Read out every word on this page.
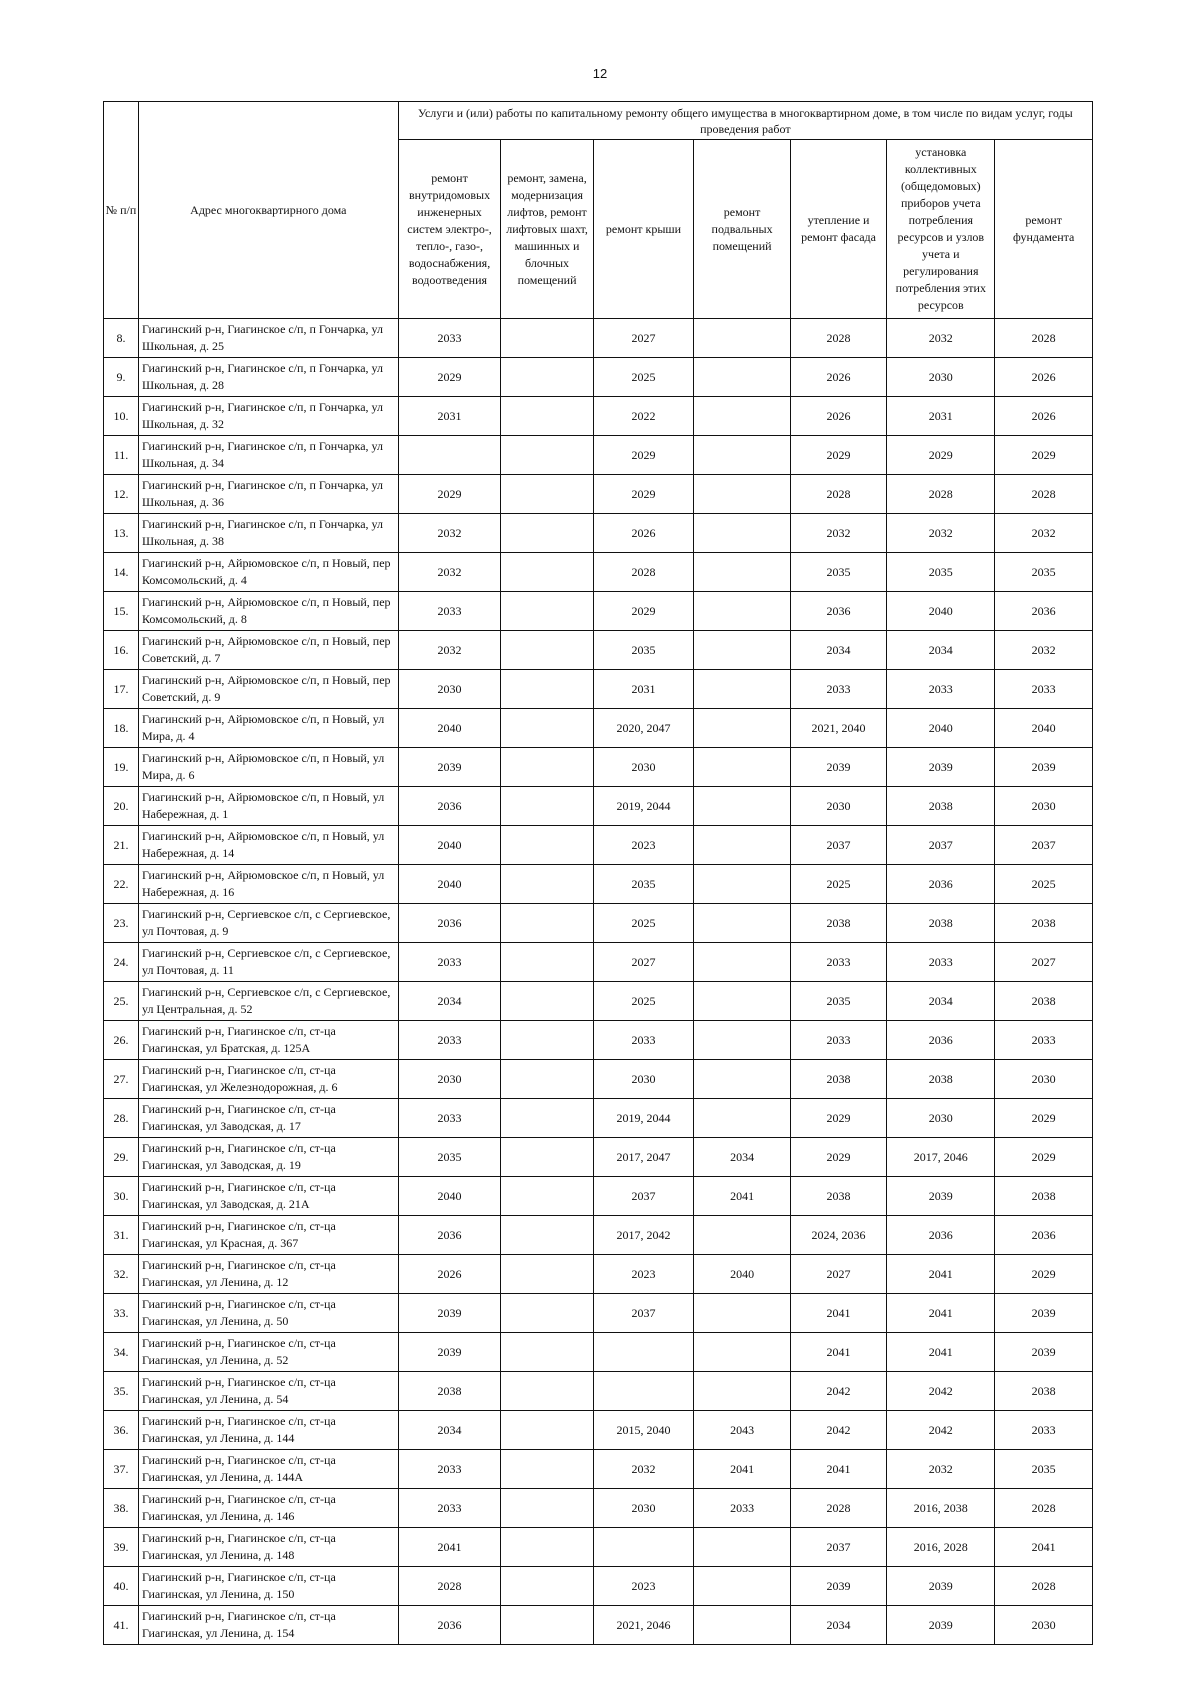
12
№ п/п	Адрес многоквартирного дома	Услуги и (или) работы по капитальному ремонту общего имущества в многоквартирном доме, в том числе по видам услуг, годы проведения работ						
		ремонт внутридомовых инженерных систем электро-, тепло-, газо-, водоснабжения, водоотведения	ремонт, замена, модернизация лифтов, ремонт лифтовых шахт, машинных и блочных помещений	ремонт крыши	ремонт подвальных помещений	утепление и ремонт фасада	установка коллективных (общедомовых) приборов учета потребления ресурсов и узлов учета и регулирования потребления этих ресурсов	ремонт фундамента
8.	Гиагинский р-н, Гиагинское с/п, п Гончарка, ул Школьная, д. 25	2033		2027		2028	2032	2028
9.	Гиагинский р-н, Гиагинское с/п, п Гончарка, ул Школьная, д. 28	2029		2025		2026	2030	2026
10.	Гиагинский р-н, Гиагинское с/п, п Гончарка, ул Школьная, д. 32	2031		2022		2026	2031	2026
11.	Гиагинский р-н, Гиагинское с/п, п Гончарка, ул Школьная, д. 34			2029		2029	2029	2029
12.	Гиагинский р-н, Гиагинское с/п, п Гончарка, ул Школьная, д. 36	2029		2029		2028	2028	2028
13.	Гиагинский р-н, Гиагинское с/п, п Гончарка, ул Школьная, д. 38	2032		2026		2032	2032	2032
14.	Гиагинский р-н, Айрюмовское с/п, п Новый, пер Комсомольский, д. 4	2032		2028		2035	2035	2035
15.	Гиагинский р-н, Айрюмовское с/п, п Новый, пер Комсомольский, д. 8	2033		2029		2036	2040	2036
16.	Гиагинский р-н, Айрюмовское с/п, п Новый, пер Советский, д. 7	2032		2035		2034	2034	2032
17.	Гиагинский р-н, Айрюмовское с/п, п Новый, пер Советский, д. 9	2030		2031		2033	2033	2033
18.	Гиагинский р-н, Айрюмовское с/п, п Новый, ул Мира, д. 4	2040		2020, 2047		2021, 2040	2040	2040
19.	Гиагинский р-н, Айрюмовское с/п, п Новый, ул Мира, д. 6	2039		2030		2039	2039	2039
20.	Гиагинский р-н, Айрюмовское с/п, п Новый, ул Набережная, д. 1	2036		2019, 2044		2030	2038	2030
21.	Гиагинский р-н, Айрюмовское с/п, п Новый, ул Набережная, д. 14	2040		2023		2037	2037	2037
22.	Гиагинский р-н, Айрюмовское с/п, п Новый, ул Набережная, д. 16	2040		2035		2025	2036	2025
23.	Гиагинский р-н, Сергиевское с/п, с Сергиевское, ул Почтовая, д. 9	2036		2025		2038	2038	2038
24.	Гиагинский р-н, Сергиевское с/п, с Сергиевское, ул Почтовая, д. 11	2033		2027		2033	2033	2027
25.	Гиагинский р-н, Сергиевское с/п, с Сергиевское, ул Центральная, д. 52	2034		2025		2035	2034	2038
26.	Гиагинский р-н, Гиагинское с/п, ст-ца Гиагинская, ул Братская, д. 125А	2033		2033		2033	2036	2033
27.	Гиагинский р-н, Гиагинское с/п, ст-ца Гиагинская, ул Железнодорожная, д. 6	2030		2030		2038	2038	2030
28.	Гиагинский р-н, Гиагинское с/п, ст-ца Гиагинская, ул Заводская, д. 17	2033		2019, 2044		2029	2030	2029
29.	Гиагинский р-н, Гиагинское с/п, ст-ца Гиагинская, ул Заводская, д. 19	2035		2017, 2047	2034	2029	2017, 2046	2029
30.	Гиагинский р-н, Гиагинское с/п, ст-ца Гиагинская, ул Заводская, д. 21А	2040		2037	2041	2038	2039	2038
31.	Гиагинский р-н, Гиагинское с/п, ст-ца Гиагинская, ул Красная, д. 367	2036		2017, 2042		2024, 2036	2036	2036
32.	Гиагинский р-н, Гиагинское с/п, ст-ца Гиагинская, ул Ленина, д. 12	2026		2023	2040	2027	2041	2029
33.	Гиагинский р-н, Гиагинское с/п, ст-ца Гиагинская, ул Ленина, д. 50	2039		2037		2041	2041	2039
34.	Гиагинский р-н, Гиагинское с/п, ст-ца Гиагинская, ул Ленина, д. 52	2039				2041	2041	2039
35.	Гиагинский р-н, Гиагинское с/п, ст-ца Гиагинская, ул Ленина, д. 54	2038				2042	2042	2038
36.	Гиагинский р-н, Гиагинское с/п, ст-ца Гиагинская, ул Ленина, д. 144	2034		2015, 2040	2043	2042	2042	2033
37.	Гиагинский р-н, Гиагинское с/п, ст-ца Гиагинская, ул Ленина, д. 144А	2033		2032	2041	2041	2032	2035
38.	Гиагинский р-н, Гиагинское с/п, ст-ца Гиагинская, ул Ленина, д. 146	2033		2030	2033	2028	2016, 2038	2028
39.	Гиагинский р-н, Гиагинское с/п, ст-ца Гиагинская, ул Ленина, д. 148	2041				2037	2016, 2028	2041
40.	Гиагинский р-н, Гиагинское с/п, ст-ца Гиагинская, ул Ленина, д. 150	2028		2023		2039	2039	2028
41.	Гиагинский р-н, Гиагинское с/п, ст-ца Гиагинская, ул Ленина, д. 154	2036		2021, 2046		2034	2039	2030
